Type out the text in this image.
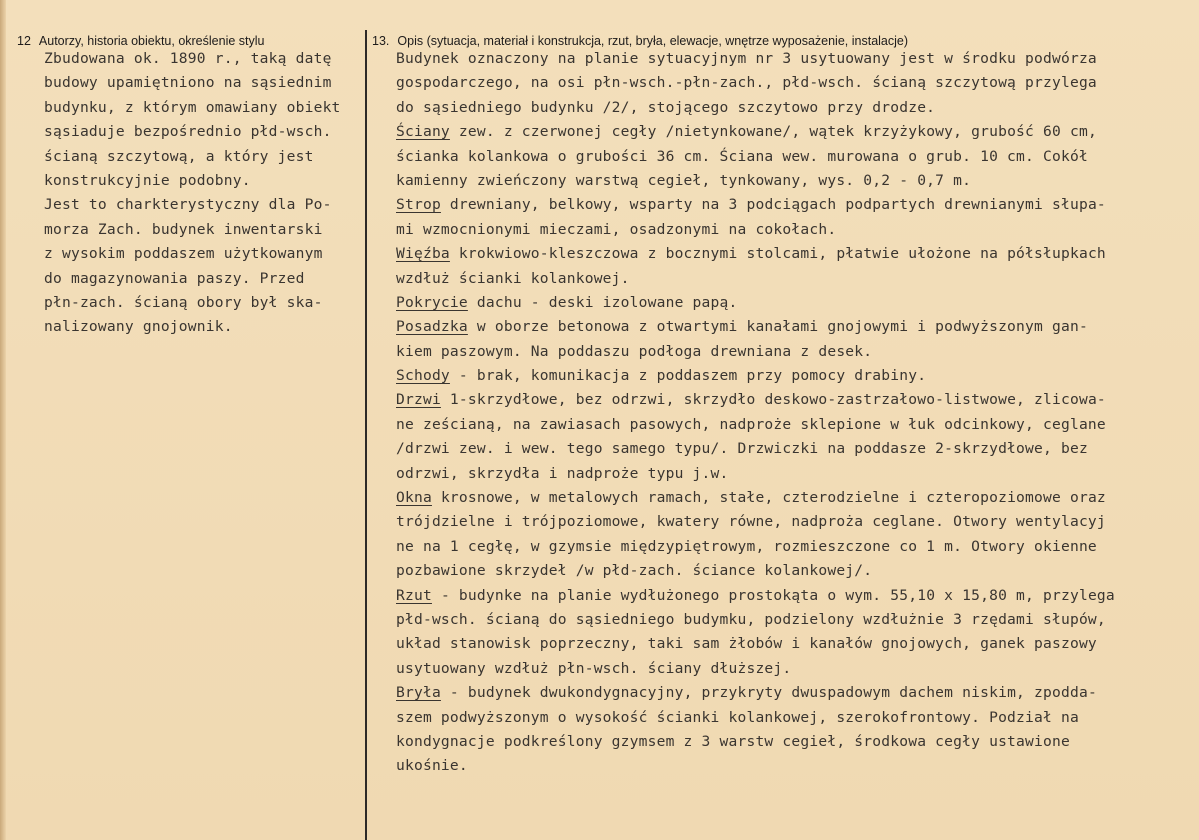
12 Autorzy, historia obiektu, określenie stylu	13. Opis (sytuacja, materiał i konstrukcja, rzut, bryła, elewacje, wnętrze wyposażenie, instalacje)
Zbudowana ok. 1890 r., taką datę
budowy upamiętniono na sąsiednim
budynku, z którym omawiany obiekt
sąsiaduje bezpośrednio płd-wsch.
ścianą szczytową, a który jest
konstrukcyjnie podobny.
Jest to charkterystyczny dla Po-
morza Zach. budynek inwentarski
z wysokim poddaszem użytkowanym
do magazynowania paszy. Przed
płn-zach. ścianą obory był ska-
nalizowany gnojownik.
Budynek oznaczony na planie sytuacyjnym nr 3 usytuowany jest w środku podwórza
gospodarczego, na osi płn-wsch.-płn-zach., płd-wsch. ścianą szczytową przylega
do sąsiedniego budynku /2/, stojącego szczytowo przy drodze.
Ściany zew. z czerwonej cegły /nietynkowane/, wątek krzyżykowy, grubość 60 cm,
ścianka kolankowa o grubości 36 cm. Ściana wew. murowana o grub. 10 cm. Cokół
kamienny zwieńczony warstwą cegieł, tynkowany, wys. 0,2 - 0,7 m.
Strop drewniany, belkowy, wsparty na 3 podciągach podpartych drewnianymi słupa-
mi wzmocnionymi mieczami, osadzonymi na cokołach.
Więźba krokwiowo-kleszczowa z bocznymi stolcami, płatwie ułożone na półsłupkach
wzdłuż ścianki kolankowej.
Pokrycie dachu - deski izolowane papą.
Posadzka w oborze betonowa z otwartymi kanałami gnojowymi i podwyższonym gan-
kiem paszowym. Na poddaszu podłoga drewniana z desek.
Schody - brak, komunikacja z poddaszem przy pomocy drabiny.
Drzwi 1-skrzydłowe, bez odrzwi, skrzydło deskowo-zastrzałowo-listwowe, zlicowa-
ne ześcianą, na zawiasach pasowych, nadproże sklepione w łuk odcinkowy, ceglane
/drzwi zew. i wew. tego samego typu/. Drzwiczki na poddasze 2-skrzydłowe, bez
odrzwi, skrzydła i nadproże typu j.w.
Okna krosnowe, w metalowych ramach, stałe, czterodzielne i czteropoziomowe oraz
trójdzielne i trójpoziomowe, kwatery równe, nadproża ceglane. Otwory wentylacyj
ne na 1 cegłę, w gzymsie międzypiętrowym, rozmieszczone co 1 m. Otwory okienne
pozbawione skrzydeł /w płd-zach. ściance kolankowej/.
Rzut - budynke na planie wydłużonego prostokąta o wym. 55,10 x 15,80 m, przylega
płd-wsch. ścianą do sąsiedniego budymku, podzielony wzdłużnie 3 rzędami słupów,
układ stanowisk poprzeczny, taki sam żłobów i kanałów gnojowych, ganek paszowy
usytuowany wzdłuż płn-wsch. ściany dłuższej.
Bryła - budynek dwukondygnacyjny, przykryty dwuspadowym dachem niskim, zpodda-
szem podwyższonym o wysokość ścianki kolankowej, szerokofrontowy. Podział na
kondygnacje podkreślony gzymsem z 3 warstw cegieł, środkowa cegły ustawione
ukośnie.
